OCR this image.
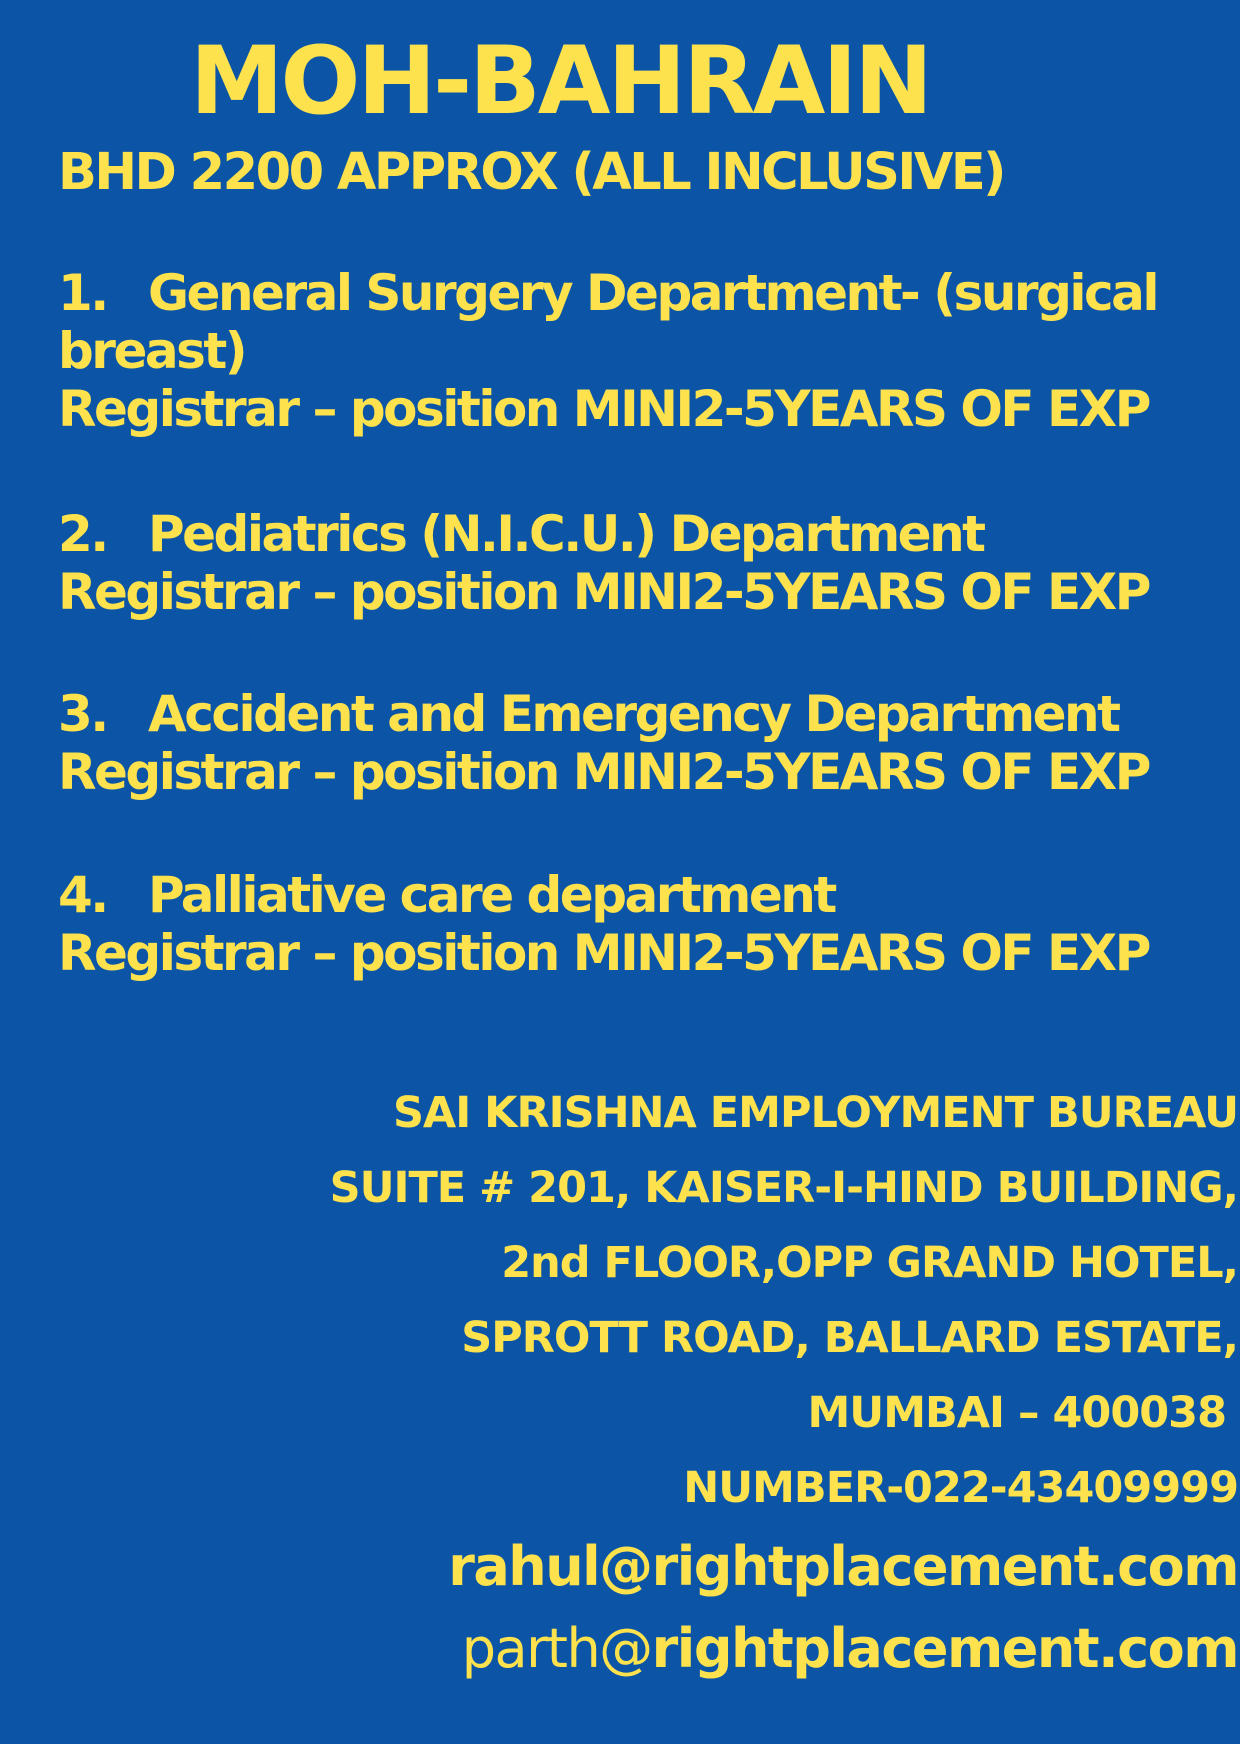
MOH-BAHRAIN
BHD 2200 APPROX (ALL INCLUSIVE)
1. General Surgery Department- (surgical
breast)
Registrar – position MINI2-5YEARS OF EXP
2. Pediatrics (N.I.C.U.) Department
Registrar – position MINI2-5YEARS OF EXP
3. Accident and Emergency Department
Registrar – position MINI2-5YEARS OF EXP
4. Palliative care department
Registrar – position MINI2-5YEARS OF EXP
SAI KRISHNA EMPLOYMENT BUREAU
SUITE # 201, KAISER-I-HIND BUILDING,
2nd FLOOR,OPP GRAND HOTEL,
SPROTT ROAD, BALLARD ESTATE,
MUMBAI – 400038
NUMBER-022-43409999
rahul@rightplacement.com
parth@rightplacement.com
